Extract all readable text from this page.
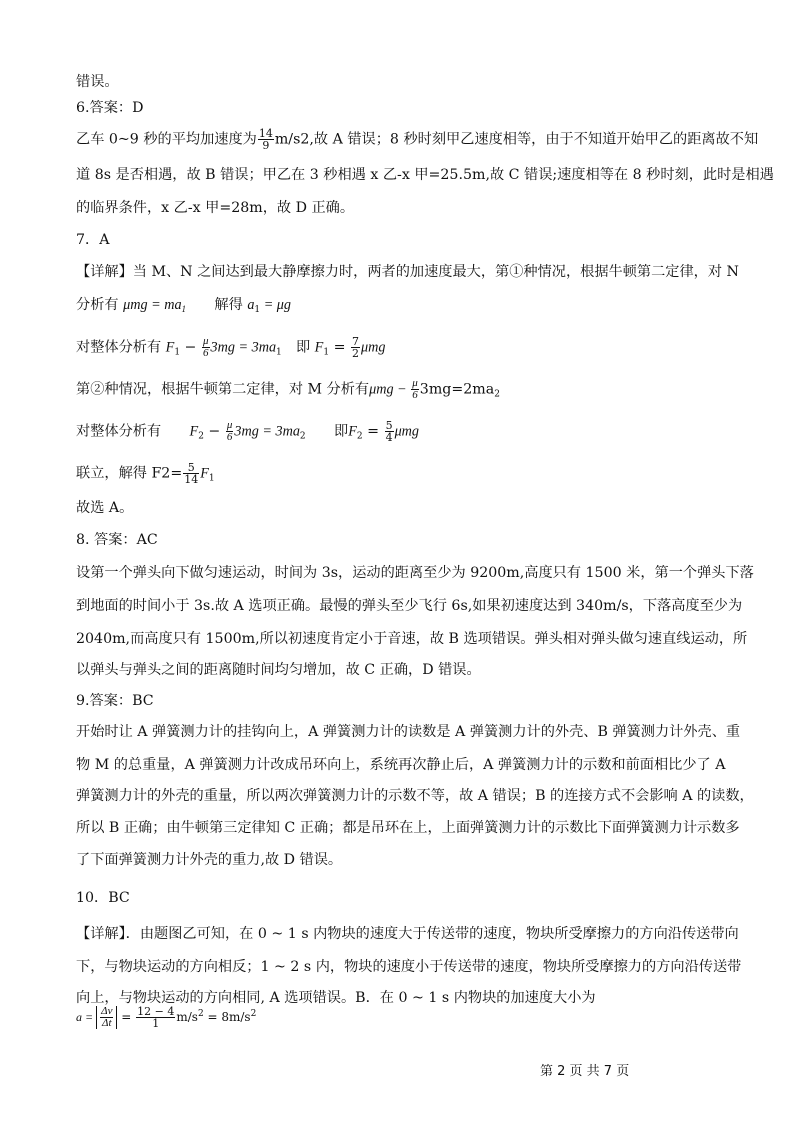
错误。
6.答案：D
乙车 0~9 秒的平均加速度为 $\frac{14}{9} m/s2$,故 A 错误；8 秒时刻甲乙速度相等，由于不知道开始甲乙的距离故不知
道 8s 是否相遇，故 B 错误；甲乙在 3 秒相遇 x 乙-x 甲=25.5m,故 C 错误;速度相等在 8 秒时刻，此时是相遇
的临界条件，x 乙-x 甲=28m，故 D 正确。
7．A
【详解】当 M、N 之间达到最大静摩擦力时，两者的加速度最大，第①种情况，根据牛顿第二定律，对 N
分析有 $\mu mg = ma_1$　　解得 $a_1 = \mu g$
对整体分析有 $F_1 - \frac{\mu}{6} 3mg = 3ma_1$　即 $F_1 = \frac{7}{2}$ μmg
第②种情况，根据牛顿第二定律，对 M 分析有$\mu mg - \frac{\mu}{6} 3mg=2ma_2$
对整体分析有　　$F_2 - \frac{\mu}{6} 3mg = 3ma_2$　　即$F_2 = \frac{5}{4}$ μmg
联立，解得 $F2= \frac{5}{14} F_1$
故选 A。
8. 答案：AC
设第一个弹头向下做匀速运动，时间为 3s，运动的距离至少为 9200m,高度只有 1500 米，第一个弹头下落
到地面的时间小于 3s.故 A 选项正确。最慢的弹头至少飞行 6s,如果初速度达到 340m/s，下落高度至少为
2040m,而高度只有 1500m,所以初速度肯定小于音速，故 B 选项错误。弹头相对弹头做匀速直线运动，所
以弹头与弹头之间的距离随时间均匀增加，故 C 正确，D 错误。
9.答案：BC
开始时让 A 弹簧测力计的挂钩向上，A 弹簧测力计的读数是 A 弹簧测力计的外壳、B 弹簧测力计外壳、重
物 M 的总重量，A 弹簧测力计改成吊环向上，系统再次静止后，A 弹簧测力计的示数和前面相比少了 A
弹簧测力计的外壳的重量，所以两次弹簧测力计的示数不等，故 A 错误；B 的连接方式不会影响 A 的读数，
所以 B 正确；由牛顿第三定律知 C 正确；都是吊环在上，上面弹簧测力计的示数比下面弹簧测力计示数多
了下面弹簧测力计外壳的重力,故 D 错误。
10．BC
【详解】．由题图乙可知，在 0 ~ 1 s 内物块的速度大于传送带的速度，物块所受摩擦力的方向沿传送带向
下，与物块运动的方向相反；1 ~ 2 s 内，物块的速度小于传送带的速度，物块所受摩擦力的方向沿传送带
向上，与物块运动的方向相同, A 选项错误。B．在 0 ~ 1 s 内物块的加速度大小为
$a = \frac{\Delta v}{\Delta t} = \frac{12 - 4}{1} m/s^2 = 8m/s^2$
第 2 页 共 7 页
